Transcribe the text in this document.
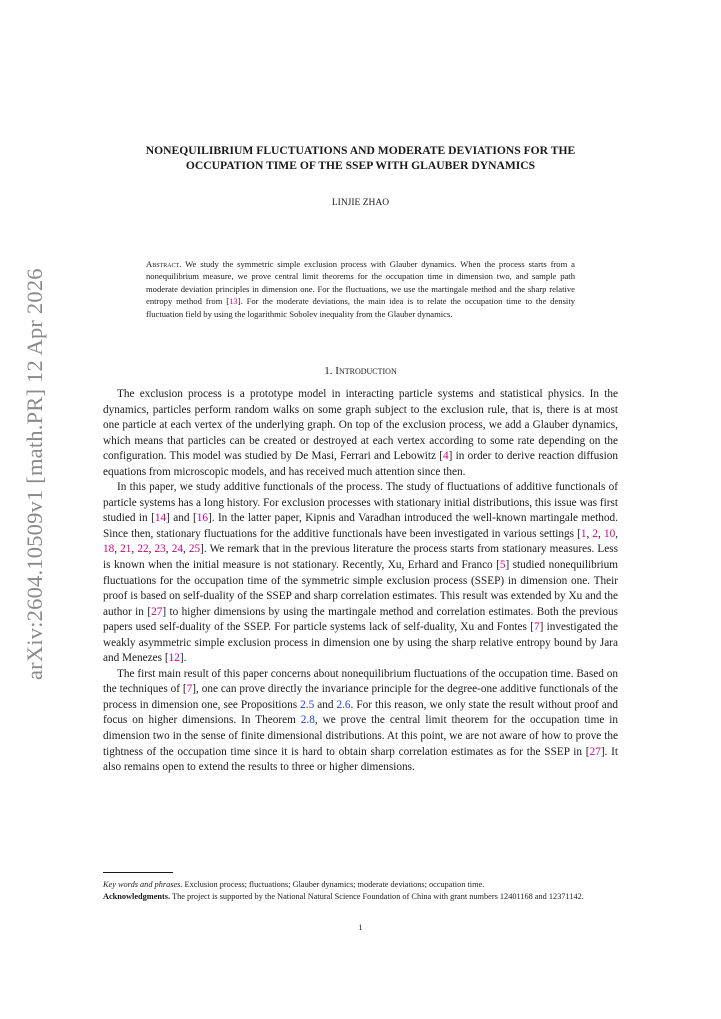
arXiv:2604.10509v1 [math.PR] 12 Apr 2026
NONEQUILIBRIUM FLUCTUATIONS AND MODERATE DEVIATIONS FOR THE
OCCUPATION TIME OF THE SSEP WITH GLAUBER DYNAMICS
LINJIE ZHAO
Abstract. We study the symmetric simple exclusion process with Glauber dynamics. When the process starts from a nonequilibrium measure, we prove central limit theorems for the occupation time in dimension two, and sample path moderate deviation principles in dimension one. For the fluctuations, we use the martingale method and the sharp relative entropy method from [13]. For the moderate deviations, the main idea is to relate the occupation time to the density fluctuation field by using the logarithmic Sobolev inequality from the Glauber dynamics.
1. Introduction

The exclusion process is a prototype model in interacting particle systems and statistical physics. In the dynamics, particles perform random walks on some graph subject to the exclusion rule, that is, there is at most one particle at each vertex of the underlying graph. On top of the exclusion process, we add a Glauber dynamics, which means that particles can be created or destroyed at each vertex according to some rate depending on the configuration. This model was studied by De Masi, Ferrari and Lebowitz [4] in order to derive reaction diffusion equations from microscopic models, and has received much attention since then.

In this paper, we study additive functionals of the process. The study of fluctuations of additive functionals of particle systems has a long history. For exclusion processes with stationary initial distributions, this issue was first studied in [14] and [16]. In the latter paper, Kipnis and Varadhan introduced the well-known martingale method. Since then, stationary fluctuations for the additive functionals have been investigated in various settings [1, 2, 10, 18, 21, 22, 23, 24, 25]. We remark that in the previous literature the process starts from stationary measures. Less is known when the initial measure is not stationary. Recently, Xu, Erhard and Franco [5] studied nonequilibrium fluctuations for the occupation time of the symmetric simple exclusion process (SSEP) in dimension one. Their proof is based on self-duality of the SSEP and sharp correlation estimates. This result was extended by Xu and the author in [27] to higher dimensions by using the martingale method and correlation estimates. Both the previous papers used self-duality of the SSEP. For particle systems lack of self-duality, Xu and Fontes [7] investigated the weakly asymmetric simple exclusion process in dimension one by using the sharp relative entropy bound by Jara and Menezes [12].

The first main result of this paper concerns about nonequilibrium fluctuations of the occupation time. Based on the techniques of [7], one can prove directly the invariance principle for the degree-one additive functionals of the process in dimension one, see Propositions 2.5 and 2.6. For this reason, we only state the result without proof and focus on higher dimensions. In Theorem 2.8, we prove the central limit theorem for the occupation time in dimension two in the sense of finite dimensional distributions. At this point, we are not aware of how to prove the tightness of the occupation time since it is hard to obtain sharp correlation estimates as for the SSEP in [27]. It also remains open to extend the results to three or higher dimensions.

Key words and phrases. Exclusion process; fluctuations; Glauber dynamics; moderate deviations; occupation time.
Acknowledgments. The project is supported by the National Natural Science Foundation of China with grant numbers 12401168 and 12371142.
1
